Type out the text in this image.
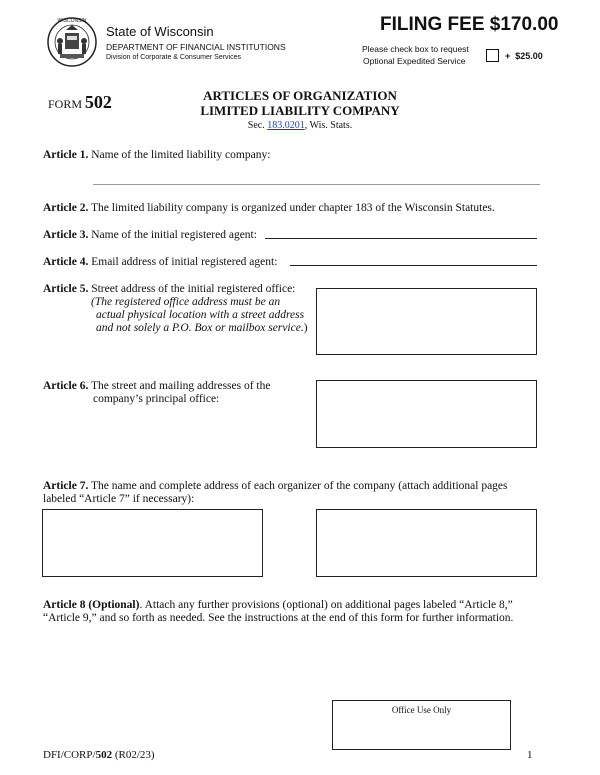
WISCONSIN
State of Wisconsin
DEPARTMENT OF FINANCIAL INSTITUTIONS
Division of Corporate & Consumer Services
FILING FEE $170.00
Please check box to request
Optional Expedited Service	+  $25.00
FORM 502	ARTICLES OF ORGANIZATION
LIMITED LIABILITY COMPANY
Sec. 183.0201, Wis. Stats.
Article 1. Name of the limited liability company:
Article 2. The limited liability company is organized under chapter 183 of the Wisconsin Statutes.
Article 3. Name of the initial registered agent:
Article 4. Email address of initial registered agent:
Article 5. Street address of the initial registered office:
(The registered office address must be an
actual physical location with a street address
and not solely a P.O. Box or mailbox service.)
Article 6. The street and mailing addresses of the
company’s principal office:
Article 7. The name and complete address of each organizer of the company (attach additional pages
labeled “Article 7” if necessary):
Article 8 (Optional). Attach any further provisions (optional) on additional pages labeled “Article 8,”
“Article 9,” and so forth as needed. See the instructions at the end of this form for further information.
Office Use Only
DFI/CORP/502 (R02/23)	1
